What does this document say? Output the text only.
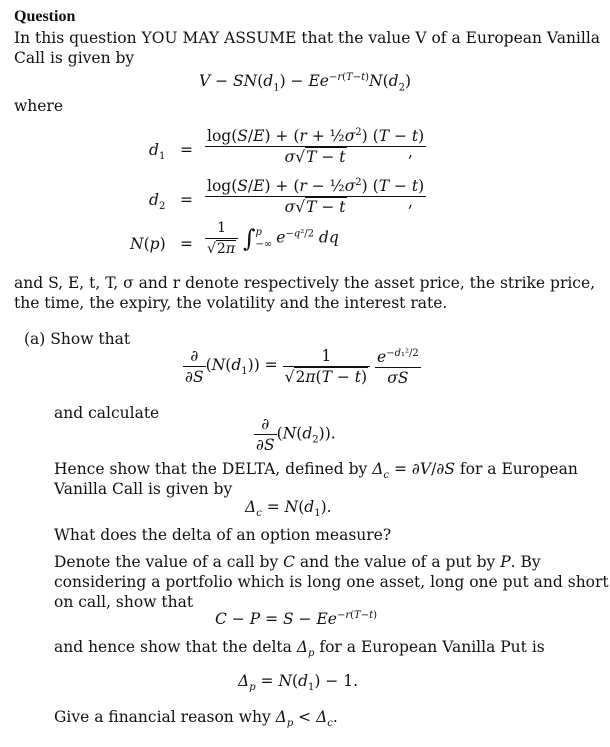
Question
In this question YOU MAY ASSUME that the value V of a European Vanilla
Call is given by
$V - SN(d_1) - Ee^{-r(T-t)}N(d_2)$
where
$d_1 = \frac{\log(S/E) + (r + \frac{1}{2}\sigma^2) (T - t)}{\sigma√T - t}$
,
$d_2 = \frac{\log(S/E) + (r - \frac{1}{2}\sigma^2) (T - t)}{\sigma√T - t}$
,
$N(p) = \frac{1}{√2\pi}$ ∫ p
−∞ $e^{-q^2/2}$ dq
and S, E, t, T, σ and r denote respectively the asset price, the strike price,
the time, the expiry, the volatility and the interest rate.
(a) Show that
$\frac{\partial}{\partial S} (N(d_1)) = \frac{1}{√2\pi(T - t)}$
$\frac{e^{-d_1^2/2}}{\sigma S}$
and calculate
$\frac{\partial}{\partial S} (N(d_2))$.
Hence show that the DELTA, defined by $\Delta_c = \partial V/\partial S$ for a European
Vanilla Call is given by
$\Delta_c = N(d_1)$.
What does the delta of an option measure?
Denote the value of a call by C and the value of a put by P. By
considering a portfolio which is long one asset, long one put and short
on call, show that
$C - P = S - Ee^{-r(T-t)}$
and hence show that the delta $\Delta_p$ for a European Vanilla Put is
$\Delta_p = N(d_1) - 1$.
Give a financial reason why $\Delta_p < \Delta_c$.
